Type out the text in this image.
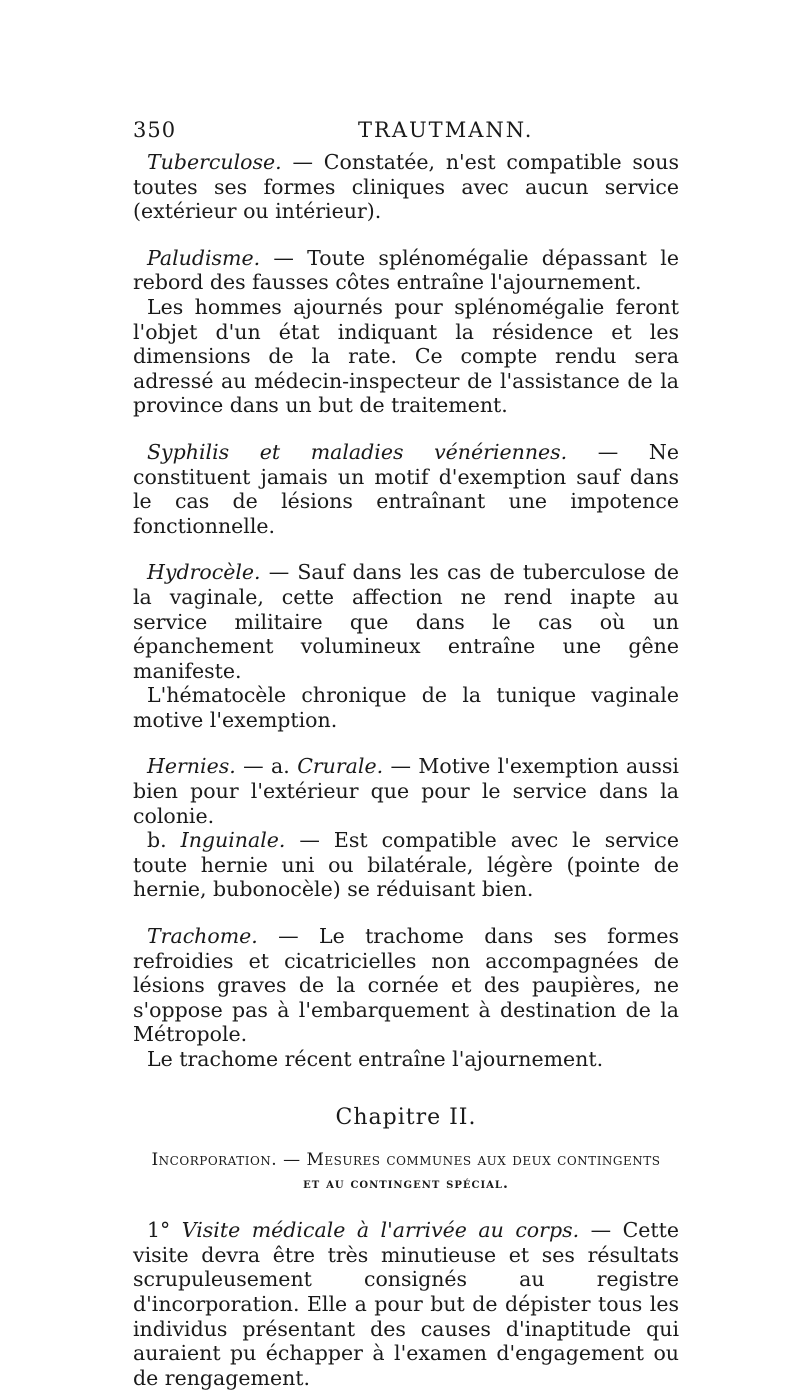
350	TRAUTMANN.

Tuberculose. — Constatée, n'est compatible sous toutes ses formes cliniques avec aucun service (extérieur ou intérieur).

Paludisme. — Toute splénomégalie dépassant le rebord des fausses côtes entraîne l'ajournement.

Les hommes ajournés pour splénomégalie feront l'objet d'un état indiquant la résidence et les dimensions de la rate. Ce compte rendu sera adressé au médecin-inspecteur de l'assistance de la province dans un but de traitement.

Syphilis et maladies vénériennes. — Ne constituent jamais un motif d'exemption sauf dans le cas de lésions entraînant une impotence fonctionnelle.

Hydrocèle. — Sauf dans les cas de tuberculose de la vaginale, cette affection ne rend inapte au service militaire que dans le cas où un épanchement volumineux entraîne une gêne manifeste.

L'hématocèle chronique de la tunique vaginale motive l'exemption.

Hernies. — a. Crurale. — Motive l'exemption aussi bien pour l'extérieur que pour le service dans la colonie.

b. Inguinale. — Est compatible avec le service toute hernie uni ou bilatérale, légère (pointe de hernie, bubonocèle) se réduisant bien.

Trachome. — Le trachome dans ses formes refroidies et cicatricielles non accompagnées de lésions graves de la cornée et des paupières, ne s'oppose pas à l'embarquement à destination de la Métropole.

Le trachome récent entraîne l'ajournement.

Chapitre II.
Incorporation. — Mesures communes aux deux contingents
et au contingent spécial.

1° Visite médicale à l'arrivée au corps. — Cette visite devra être très minutieuse et ses résultats scrupuleusement consignés au registre d'incorporation. Elle a pour but de dépister tous les individus présentant des causes d'inaptitude qui auraient pu échapper à l'examen d'engagement ou de rengagement.
